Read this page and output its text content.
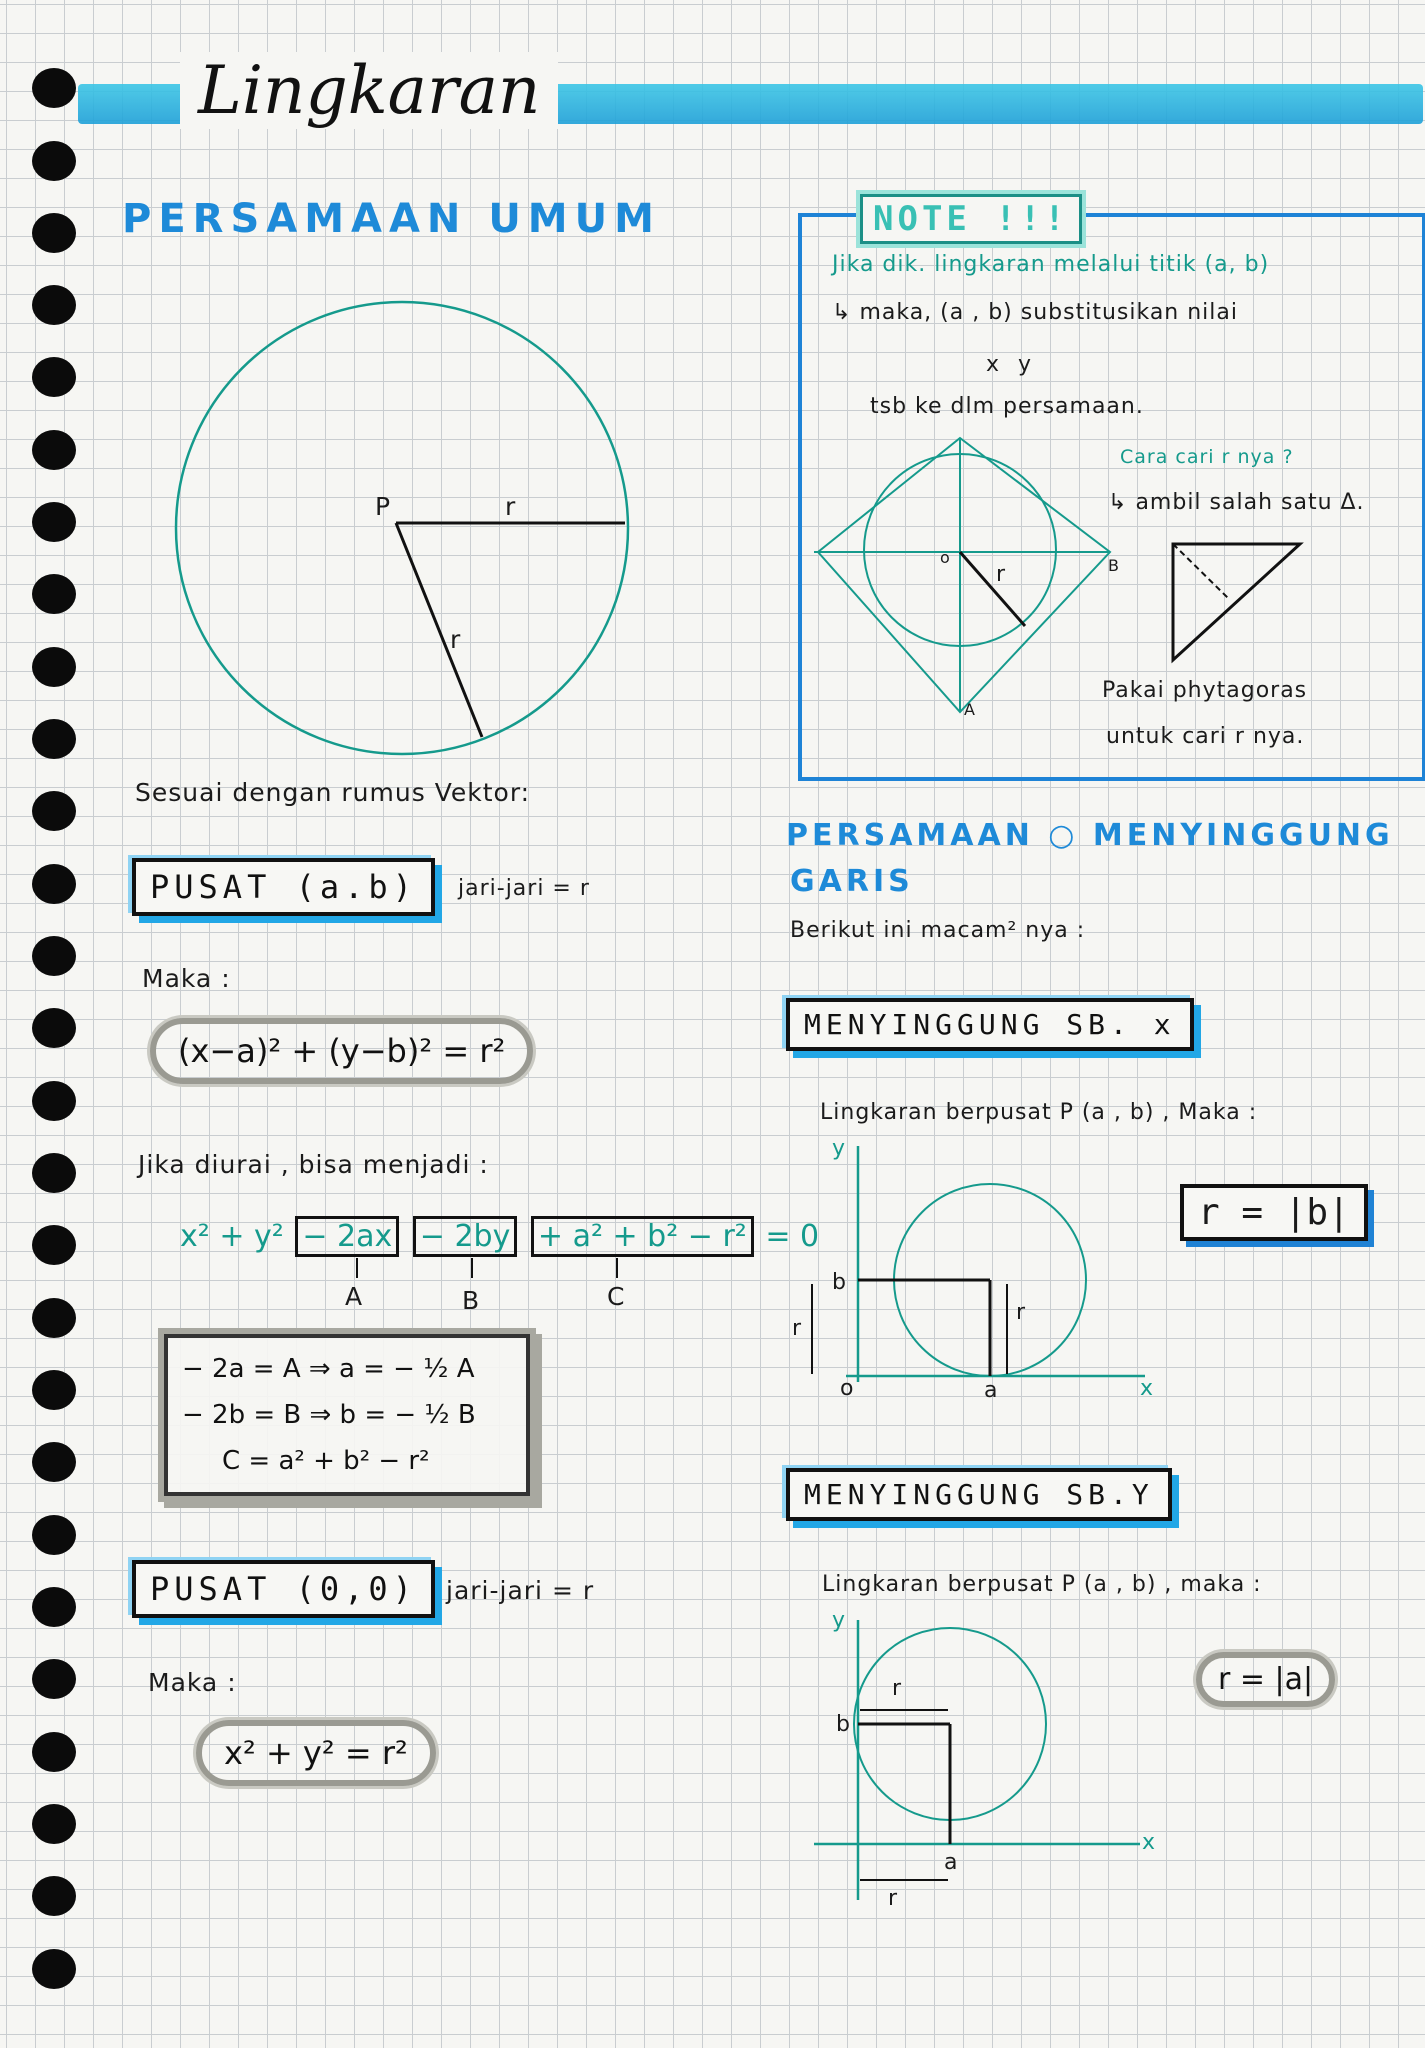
Lingkaran
PERSAMAAN UMUM
P	r
r
Sesuai dengan rumus Vektor:
PUSAT (a.b)	jari-jari = r
Maka :
(x−a)² + (y−b)² = r²
Jika diurai , bisa menjadi :
x² + y² − 2ax − 2by + a² + b² − r² = 0
A	B	C
− 2a = A ⇒ a = − ½ A
− 2b = B ⇒ b = − ½ B
C = a² + b² − r²
PUSAT (0,0)	jari-jari = r
Maka :
x² + y² = r²
NOTE !!!
Jika dik. lingkaran melalui titik (a, b)
↳ maka, (a , b) substitusikan nilai
x y
tsb ke dlm persamaan.
o
r	B
A
Cara cari r nya ?
↳ ambil salah satu Δ.
Pakai phytagoras
untuk cari r nya.
PERSAMAAN ○ MENYINGGUNG
GARIS
Berikut ini macam² nya :
MENYINGGUNG SB. x
Lingkaran berpusat P (a , b) , Maka :
r = |b|
y
x
b
o	a
r
r
MENYINGGUNG SB.Y
Lingkaran berpusat P (a , b) , maka :
r = |a|
y
x
b
a
r
r
